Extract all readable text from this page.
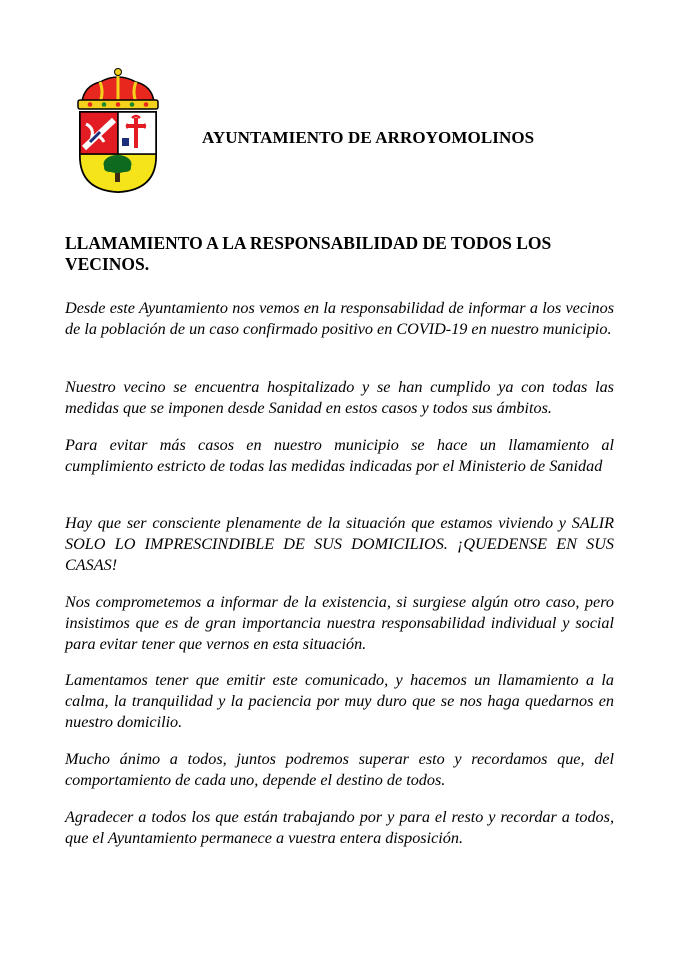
AYUNTAMIENTO DE ARROYOMOLINOS
LLAMAMIENTO A LA RESPONSABILIDAD DE TODOS LOS VECINOS.

Desde este Ayuntamiento nos vemos en la responsabilidad de informar a los vecinos de la población de un caso confirmado positivo en COVID-19 en nuestro municipio.

Nuestro vecino se encuentra hospitalizado y se han cumplido ya con todas las medidas que se imponen desde Sanidad en estos casos y todos sus ámbitos.

Para evitar más casos en nuestro municipio se hace un llamamiento al cumplimiento estricto de todas las medidas indicadas por el Ministerio de Sanidad

Hay que ser consciente plenamente de la situación que estamos viviendo y SALIR SOLO LO IMPRESCINDIBLE DE SUS DOMICILIOS. ¡QUEDENSE EN SUS CASAS!

Nos comprometemos a informar de la existencia, si surgiese algún otro caso, pero insistimos que es de gran importancia nuestra responsabilidad individual y social para evitar tener que vernos en esta situación.

Lamentamos tener que emitir este comunicado, y hacemos un llamamiento a la calma, la tranquilidad y la paciencia por muy duro que se nos haga quedarnos en nuestro domicilio.

Mucho ánimo a todos, juntos podremos superar esto y recordamos que, del comportamiento de cada uno, depende el destino de todos.

Agradecer a todos los que están trabajando por y para el resto y recordar a todos, que el Ayuntamiento permanece a vuestra entera disposición.
